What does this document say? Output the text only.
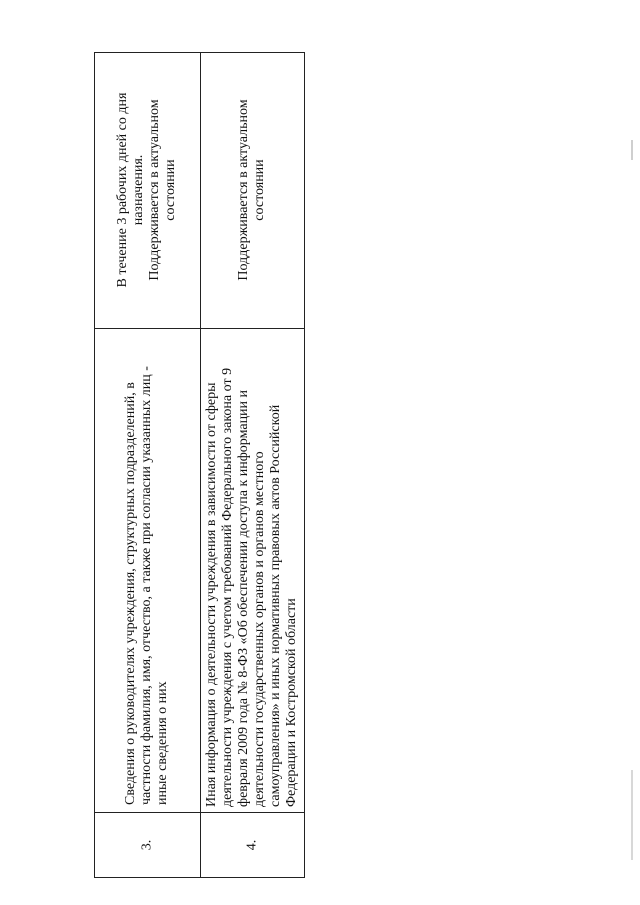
3.
Сведения о руководителях учреждения, структурных подразделений, в частности фамилия, имя, отчество, а также при согласии указанных лиц - иные сведения о них
В течение 3 рабочих дней со дня назначения. Поддерживается в актуальном состоянии
4.
Иная информация о деятельности учреждения в зависимости от сферы деятельности учреждения с учетом требований Федерального закона от 9 февраля 2009 года № 8-ФЗ «Об обеспечении доступа к информации и деятельности государственных органов и органов местного самоуправления» и иных нормативных правовых актов Российской Федерации и Костромской области
Поддерживается в актуальном состоянии
